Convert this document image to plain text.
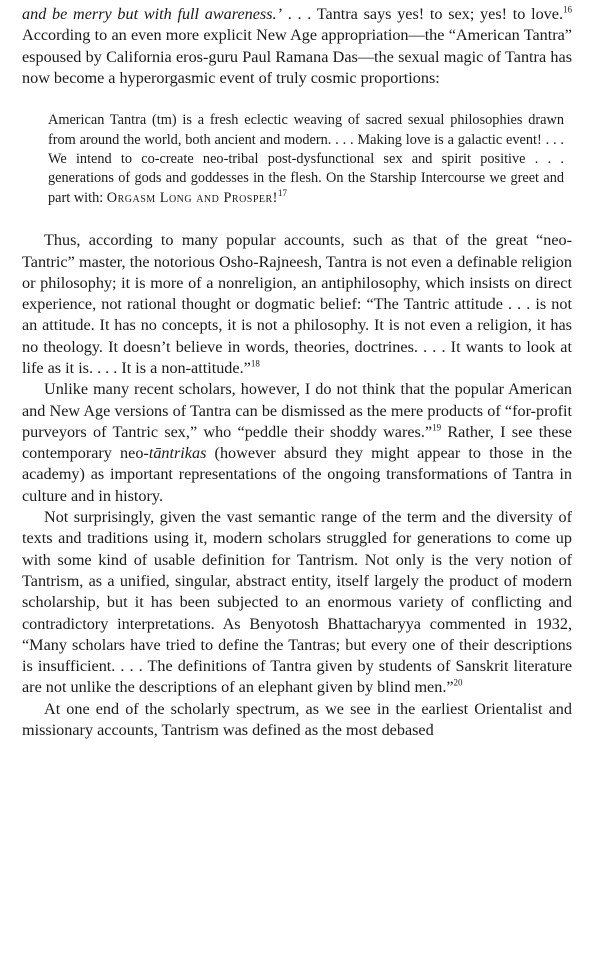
and be merry but with full awareness.’ . . . Tantra says yes! to sex; yes! to love.$^{16}$ According to an even more explicit New Age appropriation—the “American Tantra” espoused by California eros-guru Paul Ramana Das—the sexual magic of Tantra has now become a hyperorgasmic event of truly cosmic proportions:

American Tantra (tm) is a fresh eclectic weaving of sacred sexual philosophies drawn from around the world, both ancient and modern. . . . Making love is a galactic event! . . . We intend to co-create neo-tribal post-dysfunctional sex and spirit positive . . . generations of gods and goddesses in the flesh. On the Starship Intercourse we greet and part with: Orgasm Long and Prosper!$^{17}$

Thus, according to many popular accounts, such as that of the great “neo-Tantric” master, the notorious Osho-Rajneesh, Tantra is not even a definable religion or philosophy; it is more of a nonreligion, an antiphilosophy, which insists on direct experience, not rational thought or dogmatic belief: “The Tantric attitude . . . is not an attitude. It has no concepts, it is not a philosophy. It is not even a religion, it has no theology. It doesn’t believe in words, theories, doctrines. . . . It wants to look at life as it is. . . . It is a non-attitude.”$^{18}$

Unlike many recent scholars, however, I do not think that the popular American and New Age versions of Tantra can be dismissed as the mere products of “for-profit purveyors of Tantric sex,” who “peddle their shoddy wares.”$^{19}$ Rather, I see these contemporary neo-tāntrikas (however absurd they might appear to those in the academy) as important representations of the ongoing transformations of Tantra in culture and in history.

Not surprisingly, given the vast semantic range of the term and the diversity of texts and traditions using it, modern scholars struggled for generations to come up with some kind of usable definition for Tantrism. Not only is the very notion of Tantrism, as a unified, singular, abstract entity, itself largely the product of modern scholarship, but it has been subjected to an enormous variety of conflicting and contradictory interpretations. As Benyotosh Bhattacharyya commented in 1932, “Many scholars have tried to define the Tantras; but every one of their descriptions is insufficient. . . . The definitions of Tantra given by students of Sanskrit literature are not unlike the descriptions of an elephant given by blind men.”$^{20}$

At one end of the scholarly spectrum, as we see in the earliest Orientalist and missionary accounts, Tantrism was defined as the most debased
